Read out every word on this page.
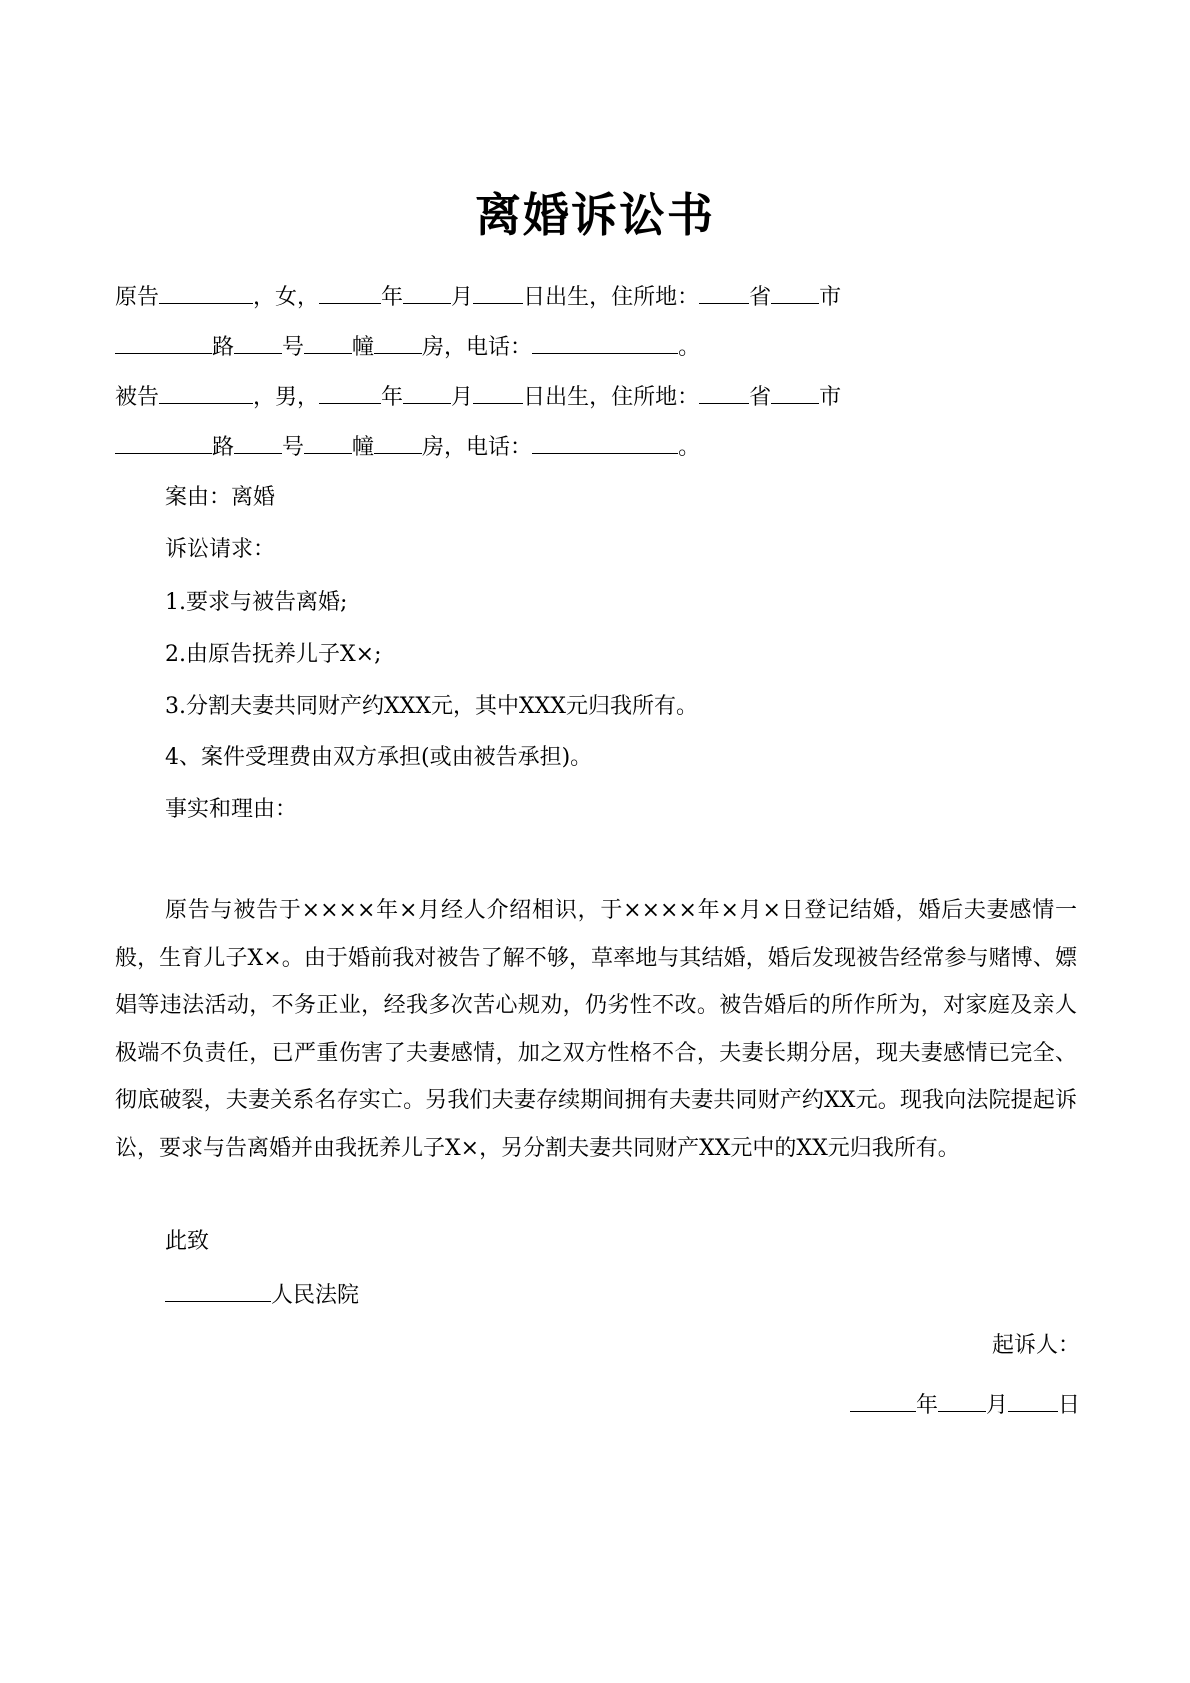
离婚诉讼书
原告	，女，	年 月 日出生，住所地： 省 市
路 号 幢 房，电话：	。
被告	，男，	年 月 日出生，住所地： 省 市
路 号 幢 房，电话：	。
案由：离婚
诉讼请求：
1.要求与被告离婚;
2.由原告抚养儿子X×;
3.分割夫妻共同财产约XXX元，其中XXX元归我所有。
4、案件受理费由双方承担(或由被告承担)。
事实和理由：

原告与被告于××××年×月经人介绍相识，于××××年×月×日登记结婚，婚后夫妻感情一般，生育儿子X×。由于婚前我对被告了解不够，草率地与其结婚，婚后发现被告经常参与赌博、嫖娼等违法活动，不务正业，经我多次苦心规劝，仍劣性不改。被告婚后的所作所为，对家庭及亲人极端不负责任，已严重伤害了夫妻感情，加之双方性格不合，夫妻长期分居，现夫妻感情已完全、彻底破裂，夫妻关系名存实亡。另我们夫妻存续期间拥有夫妻共同财产约XX元。现我向法院提起诉讼，要求与告离婚并由我抚养儿子X×，另分割夫妻共同财产XX元中的XX元归我所有。

此致
人民法院
起诉人：
年 月 日
